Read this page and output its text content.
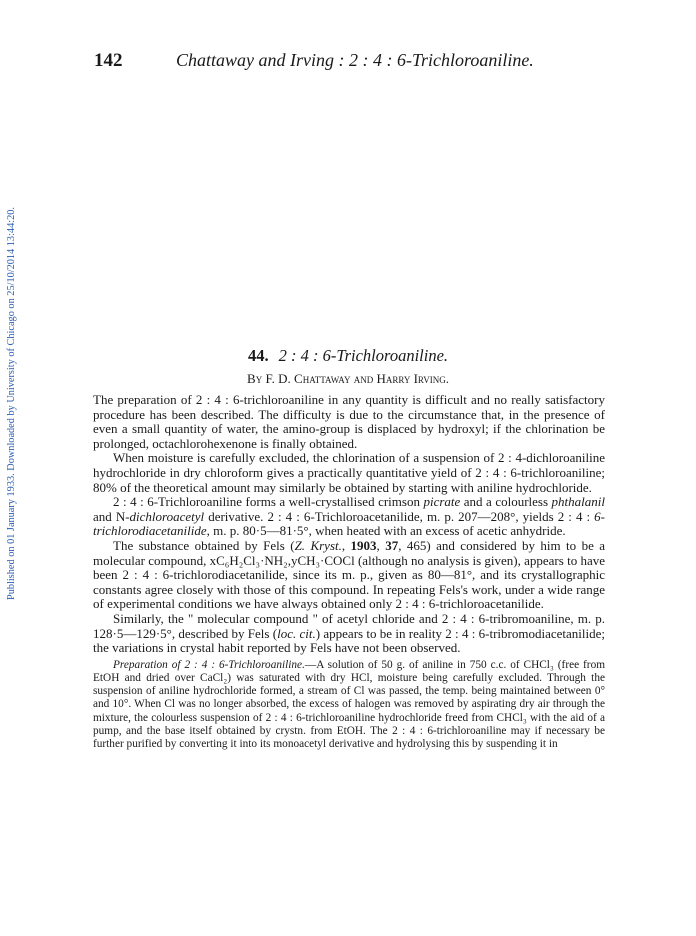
142	Chattaway and Irving : 2 : 4 : 6-Trichloroaniline.
Published on 01 January 1933. Downloaded by University of Chicago on 25/10/2014 13:44:20.	44. 2 : 4 : 6-Trichloroaniline.
By F. D. Chattaway and Harry Irving.

The preparation of 2 : 4 : 6-trichloroaniline in any quantity is difficult and no really satisfactory procedure has been described. The difficulty is due to the circumstance that, in the presence of even a small quantity of water, the amino-group is displaced by hydroxyl; if the chlorination be prolonged, octachlorohexenone is finally obtained.

When moisture is carefully excluded, the chlorination of a suspension of 2 : 4-dichloroaniline hydrochloride in dry chloroform gives a practically quantitative yield of 2 : 4 : 6-trichloroaniline; 80% of the theoretical amount may similarly be obtained by starting with aniline hydrochloride.

2 : 4 : 6-Trichloroaniline forms a well-crystallised crimson picrate and a colourless phthalanil and N-dichloroacetyl derivative. 2 : 4 : 6-Trichloroacetanilide, m. p. 207—208°, yields 2 : 4 : 6-trichlorodiacetanilide, m. p. 80·5—81·5°, when heated with an excess of acetic anhydride.

The substance obtained by Fels (Z. Kryst., 1903, 37, 465) and considered by him to be a molecular compound, xC₆H₂Cl₃·NH₂,yCH₃·COCl (although no analysis is given), appears to have been 2 : 4 : 6-trichlorodiacetanilide, since its m. p., given as 80—81°, and its crystallographic constants agree closely with those of this compound. In repeating Fels's work, under a wide range of experimental conditions we have always obtained only 2 : 4 : 6-trichloroacetanilide.

Similarly, the " molecular compound " of acetyl chloride and 2 : 4 : 6-tribromoaniline, m. p. 128·5—129·5°, described by Fels (loc. cit.) appears to be in reality 2 : 4 : 6-tribromodiacetanilide; the variations in crystal habit reported by Fels have not been observed.

Preparation of 2 : 4 : 6-Trichloroaniline.—A solution of 50 g. of aniline in 750 c.c. of CHCl₃ (free from EtOH and dried over CaCl₂) was saturated with dry HCl, moisture being carefully excluded. Through the suspension of aniline hydrochloride formed, a stream of Cl was passed, the temp. being maintained between 0° and 10°. When Cl was no longer absorbed, the excess of halogen was removed by aspirating dry air through the mixture, the colourless suspension of 2 : 4 : 6-trichloroaniline hydrochloride freed from CHCl₃ with the aid of a pump, and the base itself obtained by crystn. from EtOH. The 2 : 4 : 6-trichloroaniline may if necessary be further purified by converting it into its monoacetyl derivative and hydrolysing this by suspending it in
